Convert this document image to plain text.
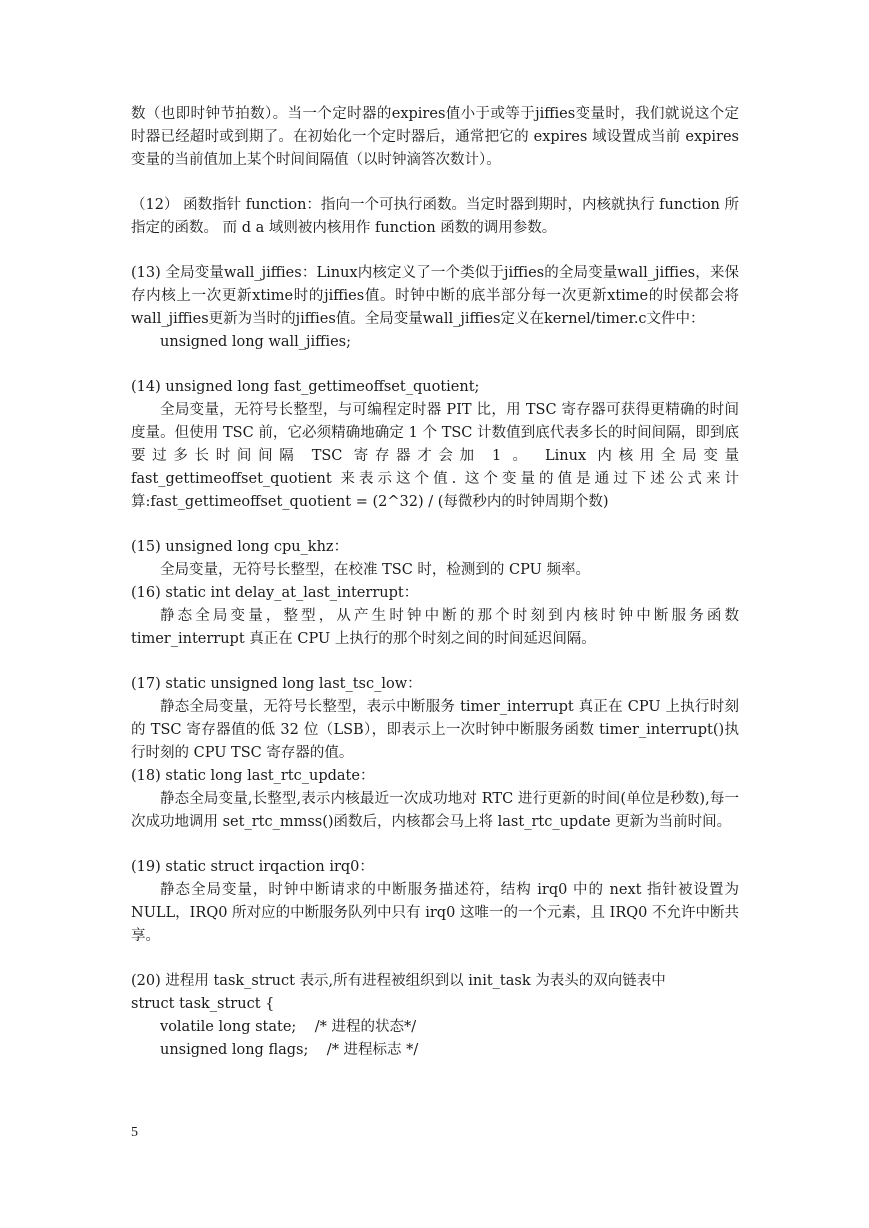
数（也即时钟节拍数）。当一个定时器的expires值小于或等于jiffies变量时，我们就说这个定时器已经超时或到期了。在初始化一个定时器后，通常把它的 expires 域设置成当前 expires 变量的当前值加上某个时间间隔值（以时钟滴答次数计）。

（12） 函数指针 function：指向一个可执行函数。当定时器到期时，内核就执行 function 所指定的函数。 而 d a 域则被内核用作 function 函数的调用参数。

(13) 全局变量wall_jiffies：Linux内核定义了一个类似于jiffies的全局变量wall_jiffies，来保存内核上一次更新xtime时的jiffies值。时钟中断的底半部分每一次更新xtime的时侯都会将wall_jiffies更新为当时的jiffies值。全局变量wall_jiffies定义在kernel/timer.c文件中：

unsigned long wall_jiffies;

(14) unsigned long fast_gettimeoffset_quotient;

全局变量，无符号长整型，与可编程定时器 PIT 比，用 TSC 寄存器可获得更精确的时间度量。但使用 TSC 前，它必须精确地确定 1 个 TSC 计数值到底代表多长的时间间隔，即到底要过多长时间间隔 TSC 寄存器才会加 1 。 Linux 内核用全局变量 fast_gettimeoffset_quotient 来表示这个值. 这个变量的值是通过下述公式来计算:fast_gettimeoffset_quotient = (2^32) / (每微秒内的时钟周期个数)

(15) unsigned long cpu_khz：

全局变量，无符号长整型，在校准 TSC 时，检测到的 CPU 频率。

(16) static int delay_at_last_interrupt：

静态全局变量，整型，从产生时钟中断的那个时刻到内核时钟中断服务函数 timer_interrupt 真正在 CPU 上执行的那个时刻之间的时间延迟间隔。

(17) static unsigned long last_tsc_low：

静态全局变量，无符号长整型，表示中断服务 timer_interrupt 真正在 CPU 上执行时刻的 TSC 寄存器值的低 32 位（LSB），即表示上一次时钟中断服务函数 timer_interrupt()执行时刻的 CPU TSC 寄存器的值。

(18) static long last_rtc_update：

静态全局变量,长整型,表示内核最近一次成功地对 RTC 进行更新的时间(单位是秒数),每一次成功地调用 set_rtc_mmss()函数后，内核都会马上将 last_rtc_update 更新为当前时间。

(19) static struct irqaction irq0：

静态全局变量，时钟中断请求的中断服务描述符，结构 irq0 中的 next 指针被设置为 NULL，IRQ0 所对应的中断服务队列中只有 irq0 这唯一的一个元素，且 IRQ0 不允许中断共享。

(20) 进程用 task_struct 表示,所有进程被组织到以 init_task 为表头的双向链表中

struct task_struct {

volatile long state;    /* 进程的状态*/

unsigned long flags;    /* 进程标志 */

5
